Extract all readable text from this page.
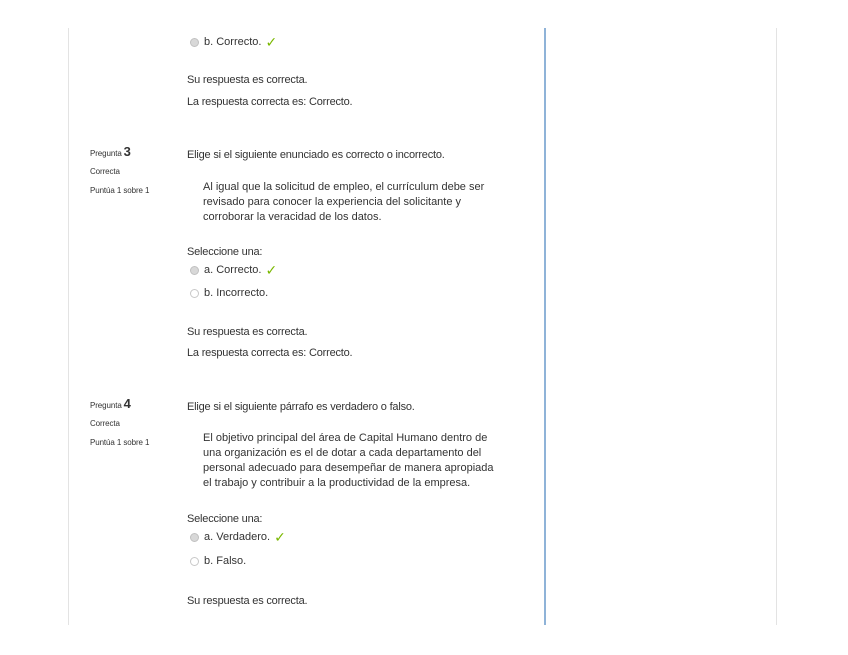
b. Correcto. ✓
Su respuesta es correcta.
La respuesta correcta es: Correcto.
Pregunta 3
Correcta
Puntúa 1 sobre 1
Elige si el siguiente enunciado es correcto o incorrecto.
Al igual que la solicitud de empleo, el currículum debe ser
revisado para conocer la experiencia del solicitante y
corroborar la veracidad de los datos.
Seleccione una:
a. Correcto. ✓
b. Incorrecto.
Su respuesta es correcta.
La respuesta correcta es: Correcto.
Pregunta 4
Correcta
Puntúa 1 sobre 1
Elige si el siguiente párrafo es verdadero o falso.
El objetivo principal del área de Capital Humano dentro de
una organización es el de dotar a cada departamento del
personal adecuado para desempeñar de manera apropiada
el trabajo y contribuir a la productividad de la empresa.
Seleccione una:
a. Verdadero. ✓
b. Falso.
Su respuesta es correcta.
